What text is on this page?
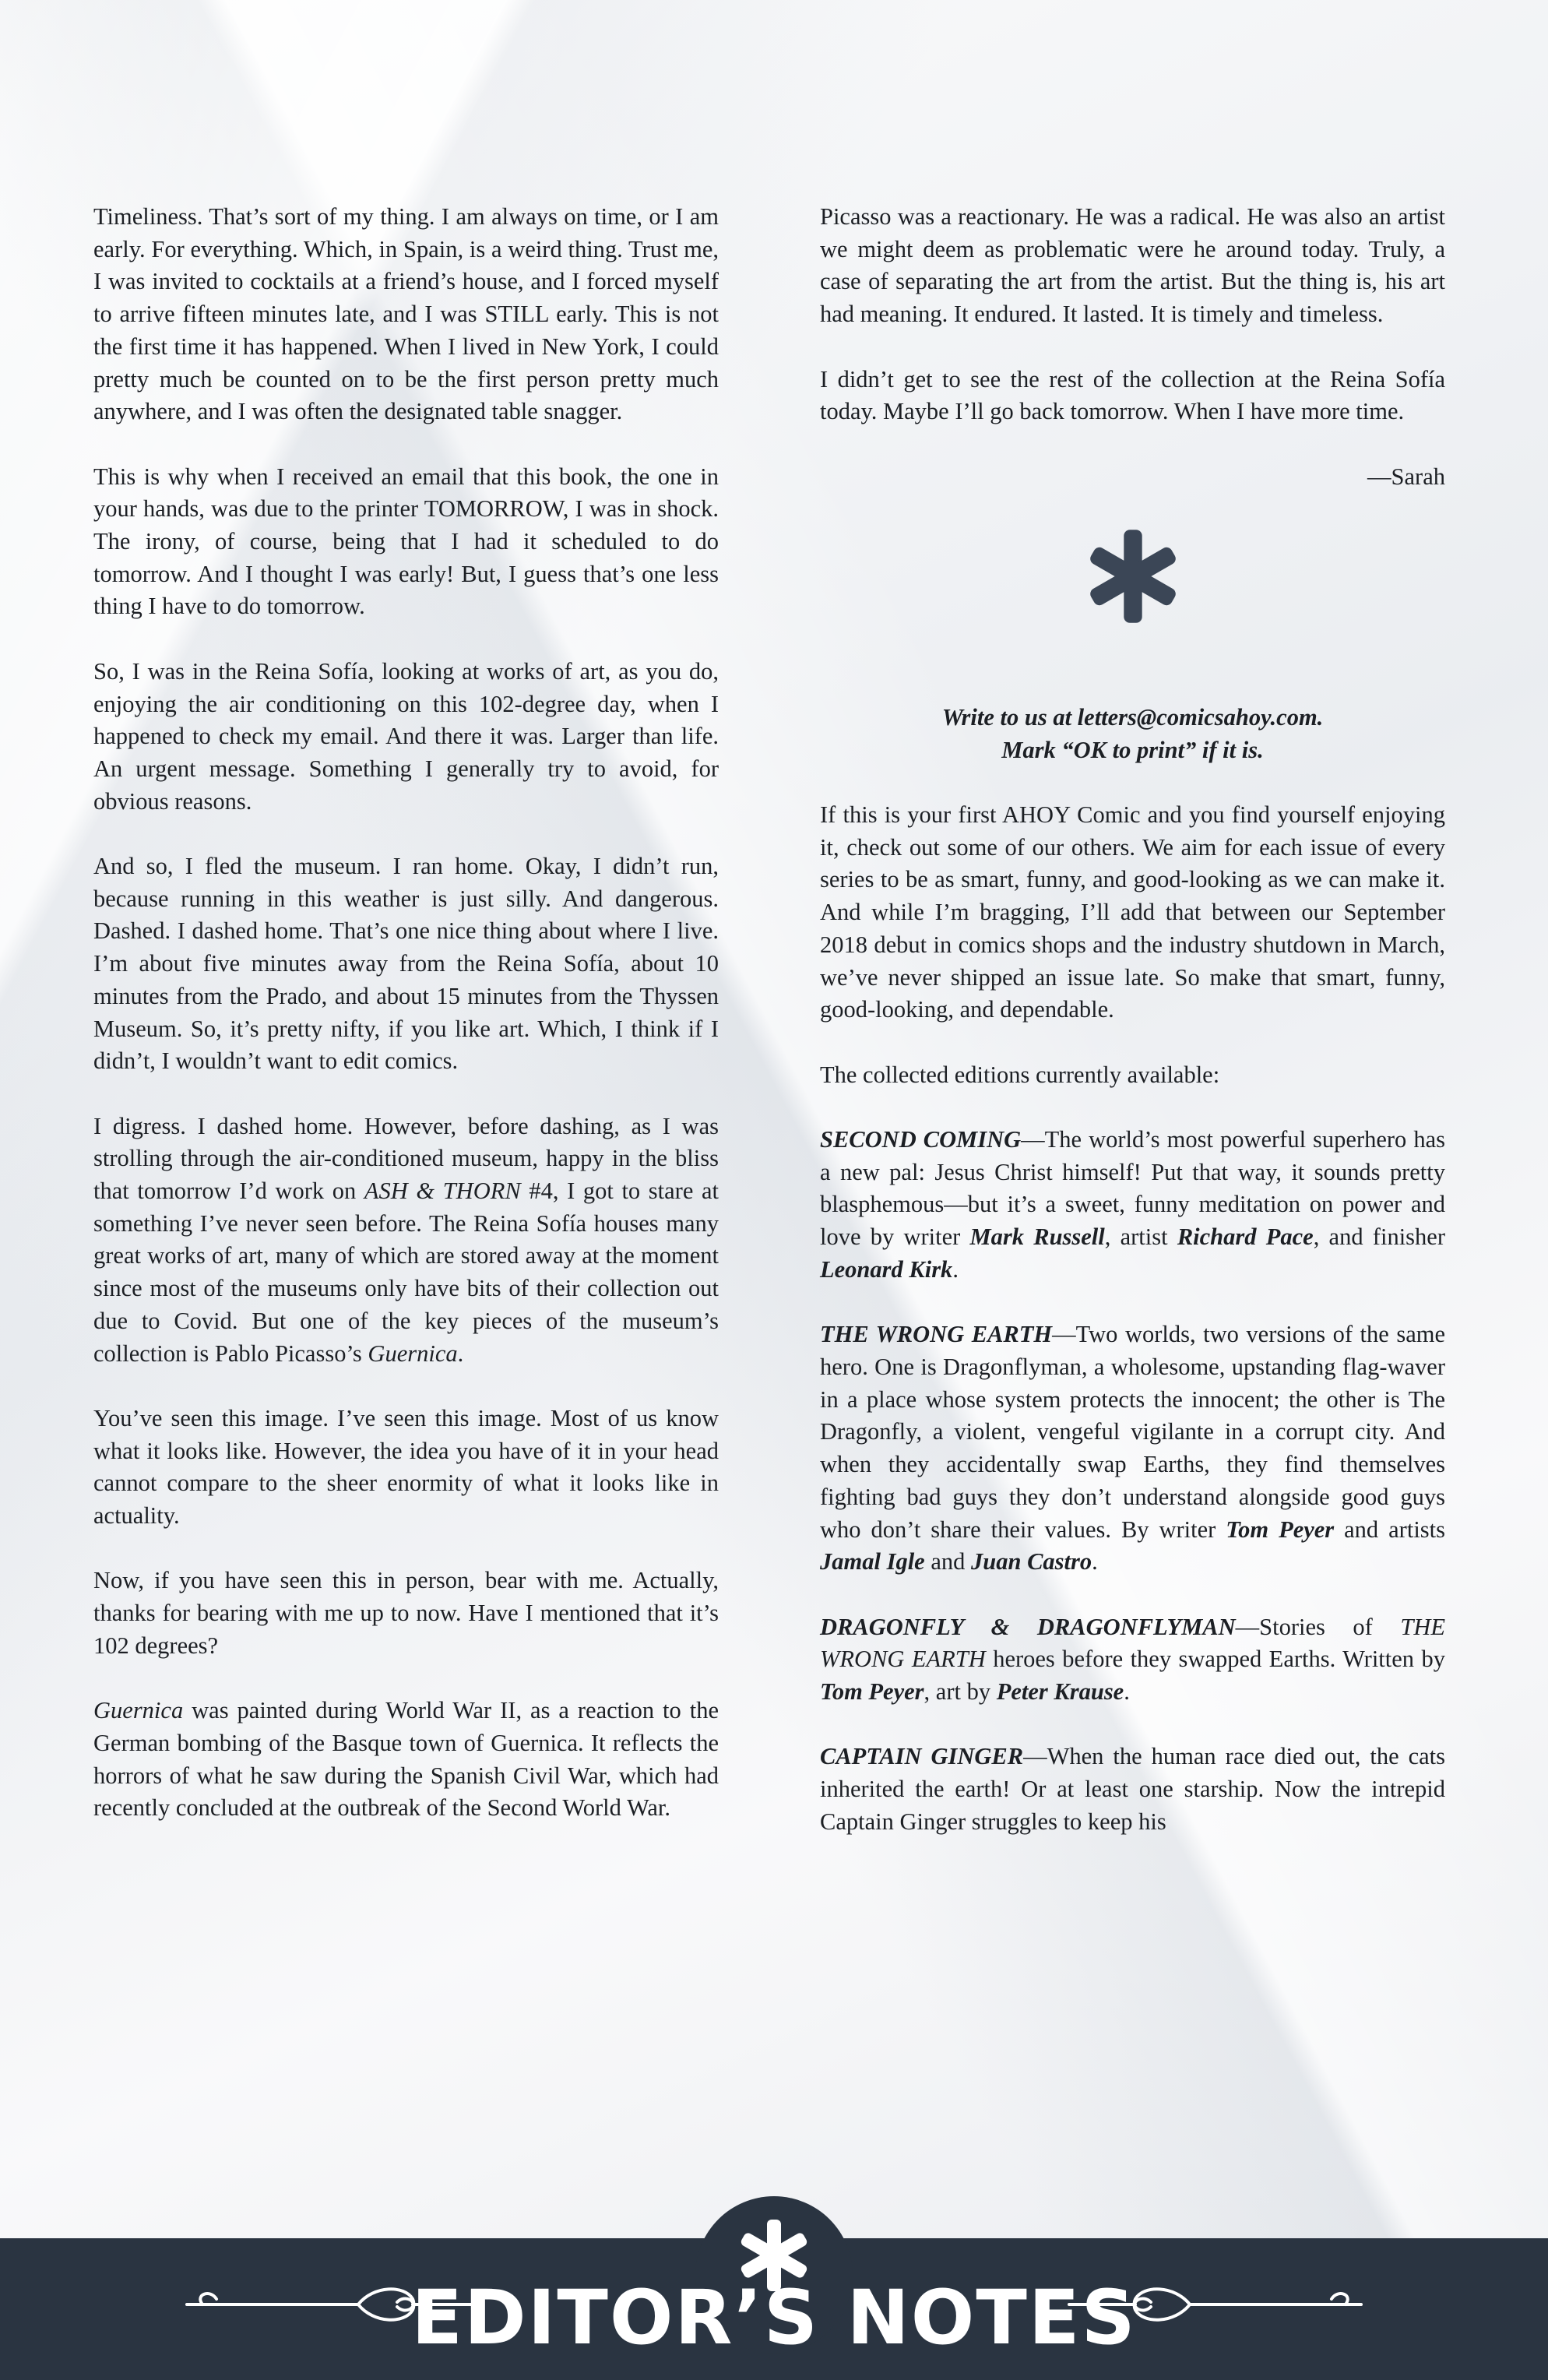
Timeliness. That’s sort of my thing. I am always on time, or I am early. For everything. Which, in Spain, is a weird thing. Trust me, I was invited to cocktails at a friend’s house, and I forced myself to arrive fifteen minutes late, and I was STILL early. This is not the first time it has happened. When I lived in New York, I could pretty much be counted on to be the first person pretty much anywhere, and I was often the designated table snagger.

This is why when I received an email that this book, the one in your hands, was due to the printer TOMORROW, I was in shock. The irony, of course, being that I had it scheduled to do tomorrow. And I thought I was early! But, I guess that’s one less thing I have to do tomorrow.

So, I was in the Reina Sofía, looking at works of art, as you do, enjoying the air conditioning on this 102-degree day, when I happened to check my email. And there it was. Larger than life. An urgent message. Something I generally try to avoid, for obvious reasons.

And so, I fled the museum. I ran home. Okay, I didn’t run, because running in this weather is just silly. And dangerous. Dashed. I dashed home. That’s one nice thing about where I live. I’m about five minutes away from the Reina Sofía, about 10 minutes from the Prado, and about 15 minutes from the Thyssen Museum. So, it’s pretty nifty, if you like art. Which, I think if I didn’t, I wouldn’t want to edit comics.

I digress. I dashed home. However, before dashing, as I was strolling through the air-conditioned museum, happy in the bliss that tomorrow I’d work on ASH & THORN #4, I got to stare at something I’ve never seen before. The Reina Sofía houses many great works of art, many of which are stored away at the moment since most of the museums only have bits of their collection out due to Covid. But one of the key pieces of the museum’s collection is Pablo Picasso’s Guernica.

You’ve seen this image. I’ve seen this image. Most of us know what it looks like. However, the idea you have of it in your head cannot compare to the sheer enormity of what it looks like in actuality.

Now, if you have seen this in person, bear with me. Actually, thanks for bearing with me up to now. Have I mentioned that it’s 102 degrees?

Guernica was painted during World War II, as a reaction to the German bombing of the Basque town of Guernica. It reflects the horrors of what he saw during the Spanish Civil War, which had recently concluded at the outbreak of the Second World War.

Picasso was a reactionary. He was a radical. He was also an artist we might deem as problematic were he around today. Truly, a case of separating the art from the artist. But the thing is, his art had meaning. It endured. It lasted. It is timely and timeless.

I didn’t get to see the rest of the collection at the Reina Sofía today. Maybe I’ll go back tomorrow. When I have more time.

—Sarah

Write to us at letters@comicsahoy.com.
Mark “OK to print” if it is.

If this is your first AHOY Comic and you find yourself enjoying it, check out some of our others. We aim for each issue of every series to be as smart, funny, and good-looking as we can make it. And while I’m bragging, I’ll add that between our September 2018 debut in comics shops and the industry shutdown in March, we’ve never shipped an issue late. So make that smart, funny, good-looking, and dependable.

The collected editions currently available:

SECOND COMING—The world’s most powerful superhero has a new pal: Jesus Christ himself! Put that way, it sounds pretty blasphemous—but it’s a sweet, funny meditation on power and love by writer Mark Russell, artist Richard Pace, and finisher Leonard Kirk.

THE WRONG EARTH—Two worlds, two versions of the same hero. One is Dragonflyman, a wholesome, upstanding flag-waver in a place whose system protects the innocent; the other is The Dragonfly, a violent, vengeful vigilante in a corrupt city. And when they accidentally swap Earths, they find themselves fighting bad guys they don’t understand alongside good guys who don’t share their values. By writer Tom Peyer and artists Jamal Igle and Juan Castro.

DRAGONFLY & DRAGONFLYMAN—Stories of THE WRONG EARTH heroes before they swapped Earths. Written by Tom Peyer, art by Peter Krause.

CAPTAIN GINGER—When the human race died out, the cats inherited the earth! Or at least one starship. Now the intrepid Captain Ginger struggles to keep his

EDITOR’S NOTES
